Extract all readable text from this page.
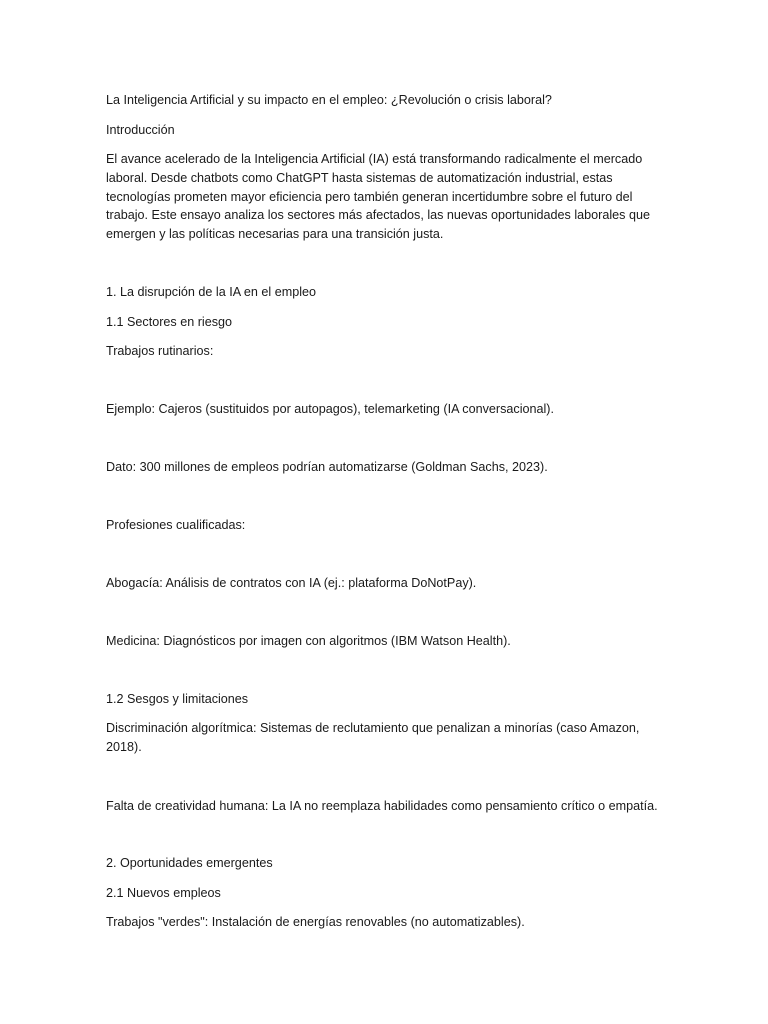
La Inteligencia Artificial y su impacto en el empleo: ¿Revolución o crisis laboral?

Introducción

El avance acelerado de la Inteligencia Artificial (IA) está transformando radicalmente el mercado laboral. Desde chatbots como ChatGPT hasta sistemas de automatización industrial, estas tecnologías prometen mayor eficiencia pero también generan incertidumbre sobre el futuro del trabajo. Este ensayo analiza los sectores más afectados, las nuevas oportunidades laborales que emergen y las políticas necesarias para una transición justa.

1. La disrupción de la IA en el empleo

1.1 Sectores en riesgo

Trabajos rutinarios:

Ejemplo: Cajeros (sustituidos por autopagos), telemarketing (IA conversacional).

Dato: 300 millones de empleos podrían automatizarse (Goldman Sachs, 2023).

Profesiones cualificadas:

Abogacía: Análisis de contratos con IA (ej.: plataforma DoNotPay).

Medicina: Diagnósticos por imagen con algoritmos (IBM Watson Health).

1.2 Sesgos y limitaciones

Discriminación algorítmica: Sistemas de reclutamiento que penalizan a minorías (caso Amazon, 2018).

Falta de creatividad humana: La IA no reemplaza habilidades como pensamiento crítico o empatía.

2. Oportunidades emergentes

2.1 Nuevos empleos

Trabajos "verdes": Instalación de energías renovables (no automatizables).
